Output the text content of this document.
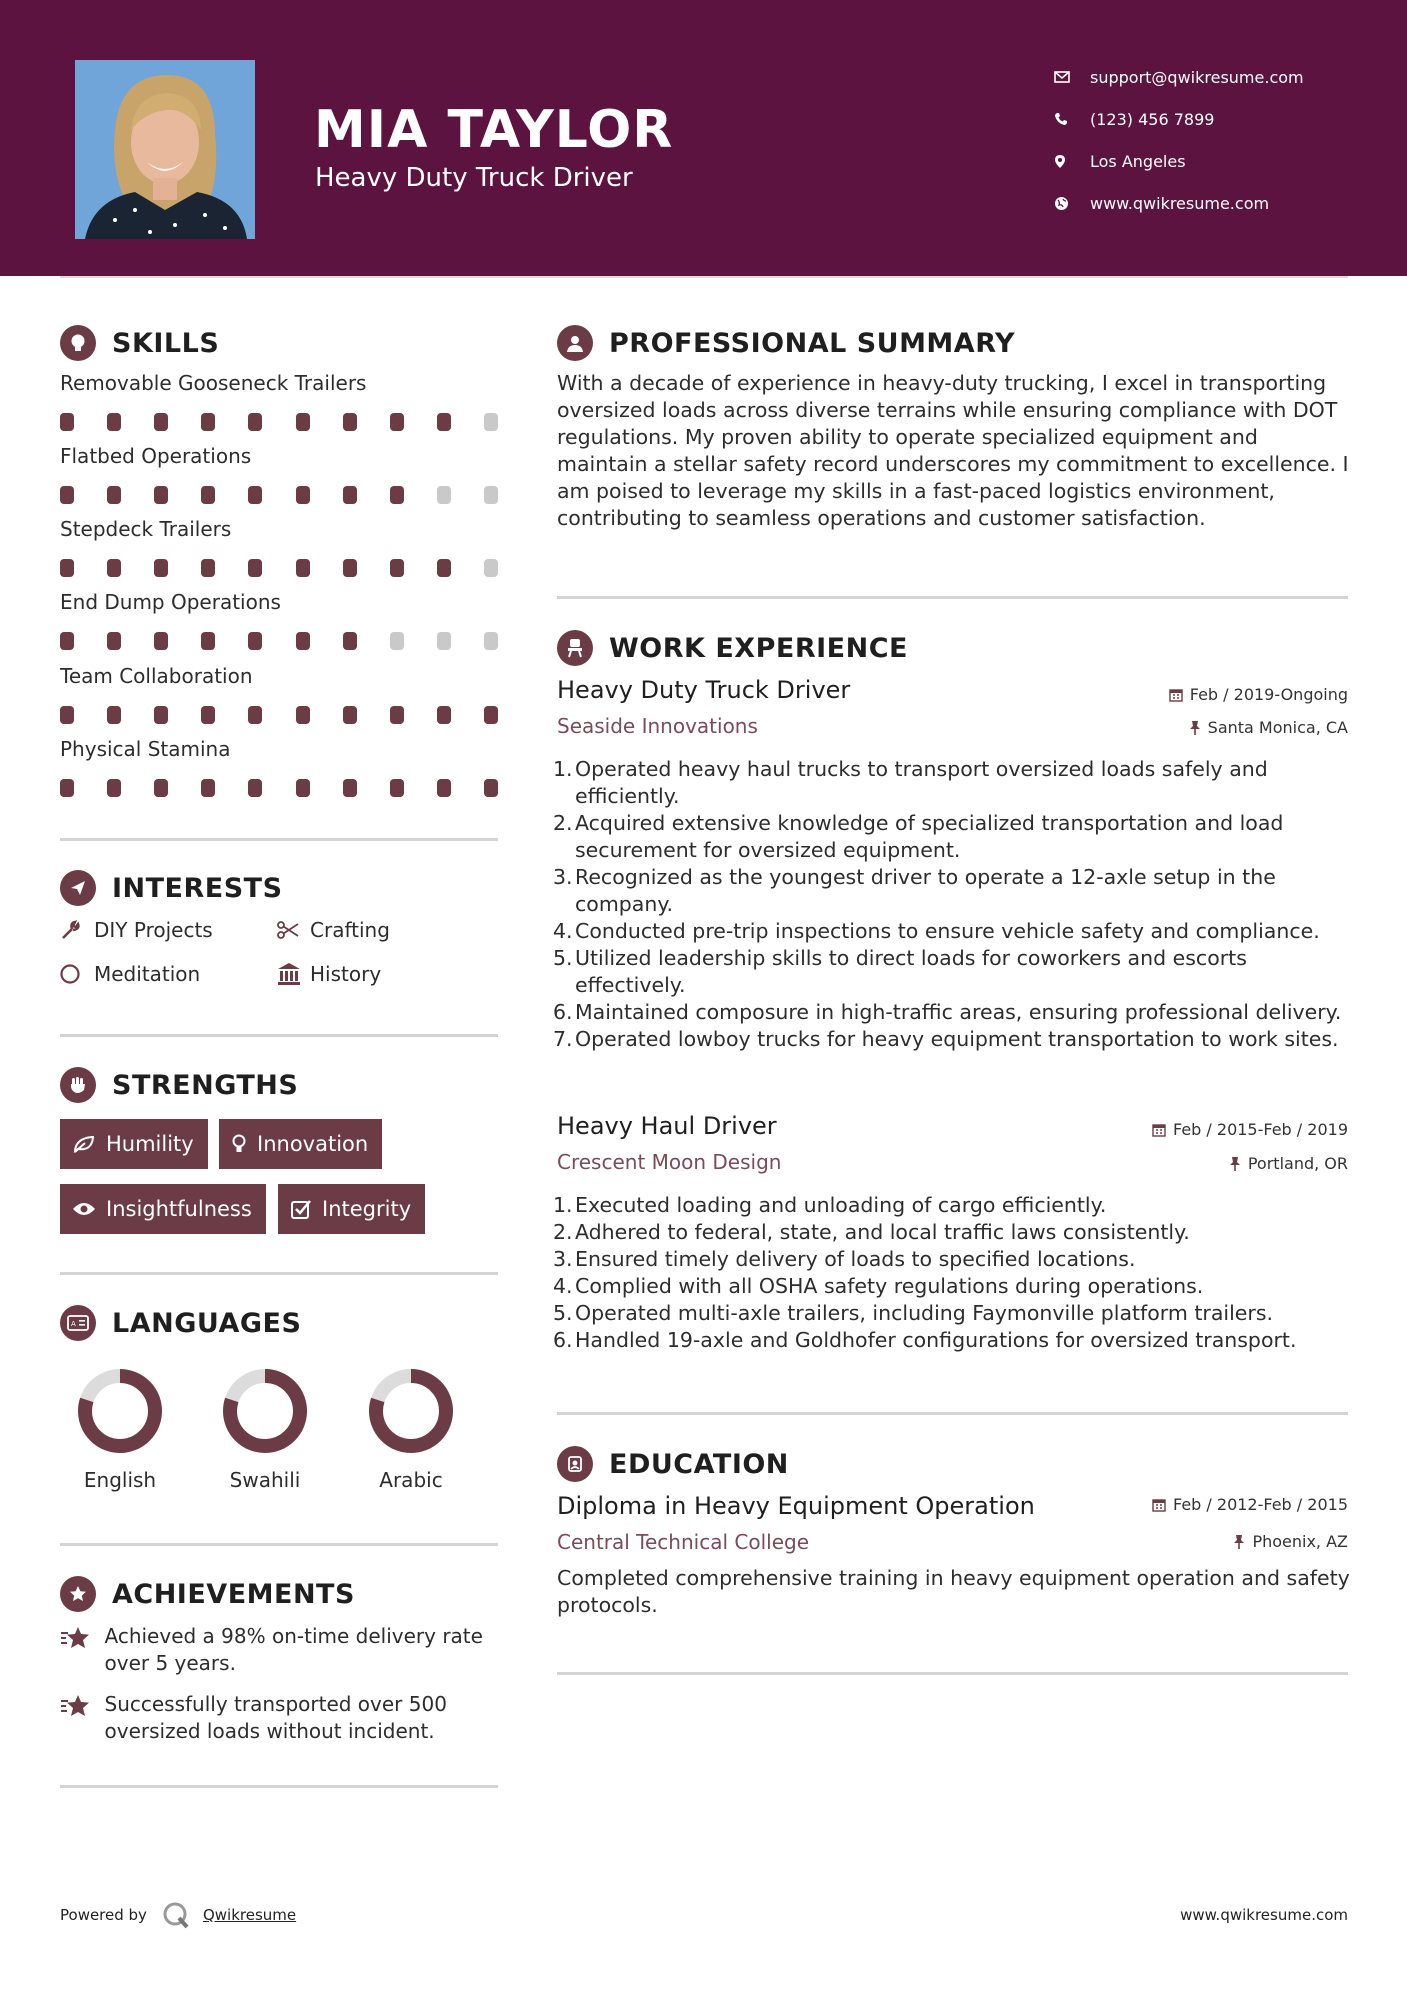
MIA TAYLOR
Heavy Duty Truck Driver
support@qwikresume.com
(123) 456 7899
Los Angeles
www.qwikresume.com
SKILLS
Removable Gooseneck Trailers
Flatbed Operations
Stepdeck Trailers
End Dump Operations
Team Collaboration
Physical Stamina
INTERESTS
DIY Projects	Crafting
Meditation	History
STRENGTHS
Humility	Innovation
Insightfulness	Integrity
A LANGUAGES
English	Swahili	Arabic
ACHIEVEMENTS
Achieved a 98% on-time delivery rate over 5 years.
Successfully transported over 500 oversized loads without incident.
PROFESSIONAL SUMMARY
With a decade of experience in heavy-duty trucking, I excel in transporting oversized loads across diverse terrains while ensuring compliance with DOT regulations. My proven ability to operate specialized equipment and maintain a stellar safety record underscores my commitment to excellence. I am poised to leverage my skills in a fast-paced logistics environment, contributing to seamless operations and customer satisfaction.
WORK EXPERIENCE
Heavy Duty Truck Driver	Feb / 2019-Ongoing
Seaside Innovations	Santa Monica, CA
1. Operated heavy haul trucks to transport oversized loads safely and efficiently.
2. Acquired extensive knowledge of specialized transportation and load securement for oversized equipment.
3. Recognized as the youngest driver to operate a 12-axle setup in the company.
4. Conducted pre-trip inspections to ensure vehicle safety and compliance.
5. Utilized leadership skills to direct loads for coworkers and escorts effectively.
6. Maintained composure in high-traffic areas, ensuring professional delivery.
7. Operated lowboy trucks for heavy equipment transportation to work sites.
Heavy Haul Driver	Feb / 2015-Feb / 2019
Crescent Moon Design	Portland, OR
1. Executed loading and unloading of cargo efficiently.
2. Adhered to federal, state, and local traffic laws consistently.
3. Ensured timely delivery of loads to specified locations.
4. Complied with all OSHA safety regulations during operations.
5. Operated multi-axle trailers, including Faymonville platform trailers.
6. Handled 19-axle and Goldhofer configurations for oversized transport.
EDUCATION
Diploma in Heavy Equipment Operation	Feb / 2012-Feb / 2015
Central Technical College	Phoenix, AZ
Completed comprehensive training in heavy equipment operation and safety protocols.
Powered by	Qwikresume	www.qwikresume.com
